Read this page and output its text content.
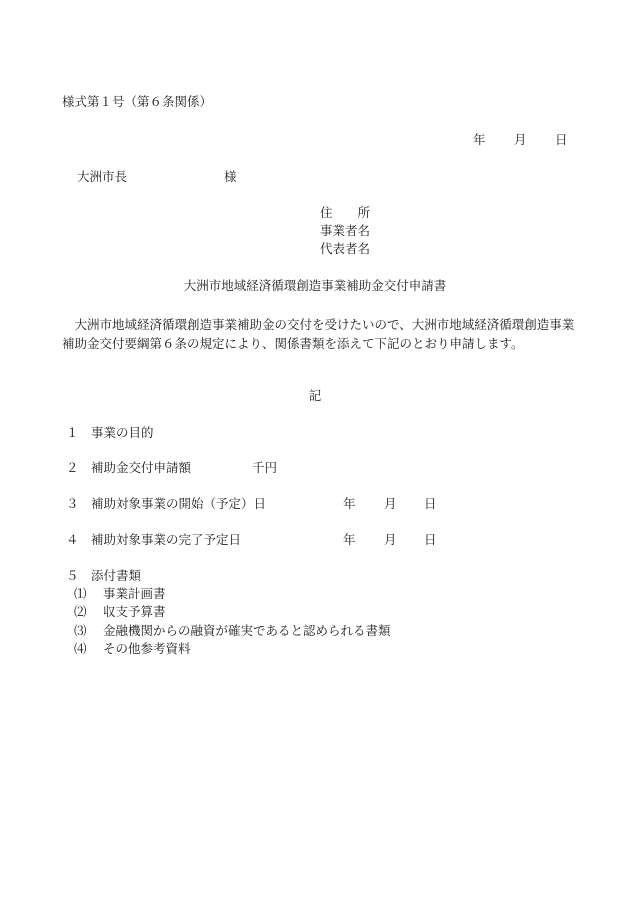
様式第１号（第６条関係）
年 月 日
大洲市長	様
住　　所
事業者名
代表者名
大洲市地域経済循環創造事業補助金交付申請書

大洲市地域経済循環創造事業補助金の交付を受けたいので、大洲市地域経済循環創造事業補助金交付要綱第６条の規定により、関係書類を添えて下記のとおり申請します。

記
１ 事業の目的
２ 補助金交付申請額	千円
３ 補助対象事業の開始（予定）日	年 月 日
４ 補助対象事業の完了予定日	年 月 日
５ 添付書類
⑴ 事業計画書
⑵ 収支予算書
⑶ 金融機関からの融資が確実であると認められる書類
⑷ その他参考資料
